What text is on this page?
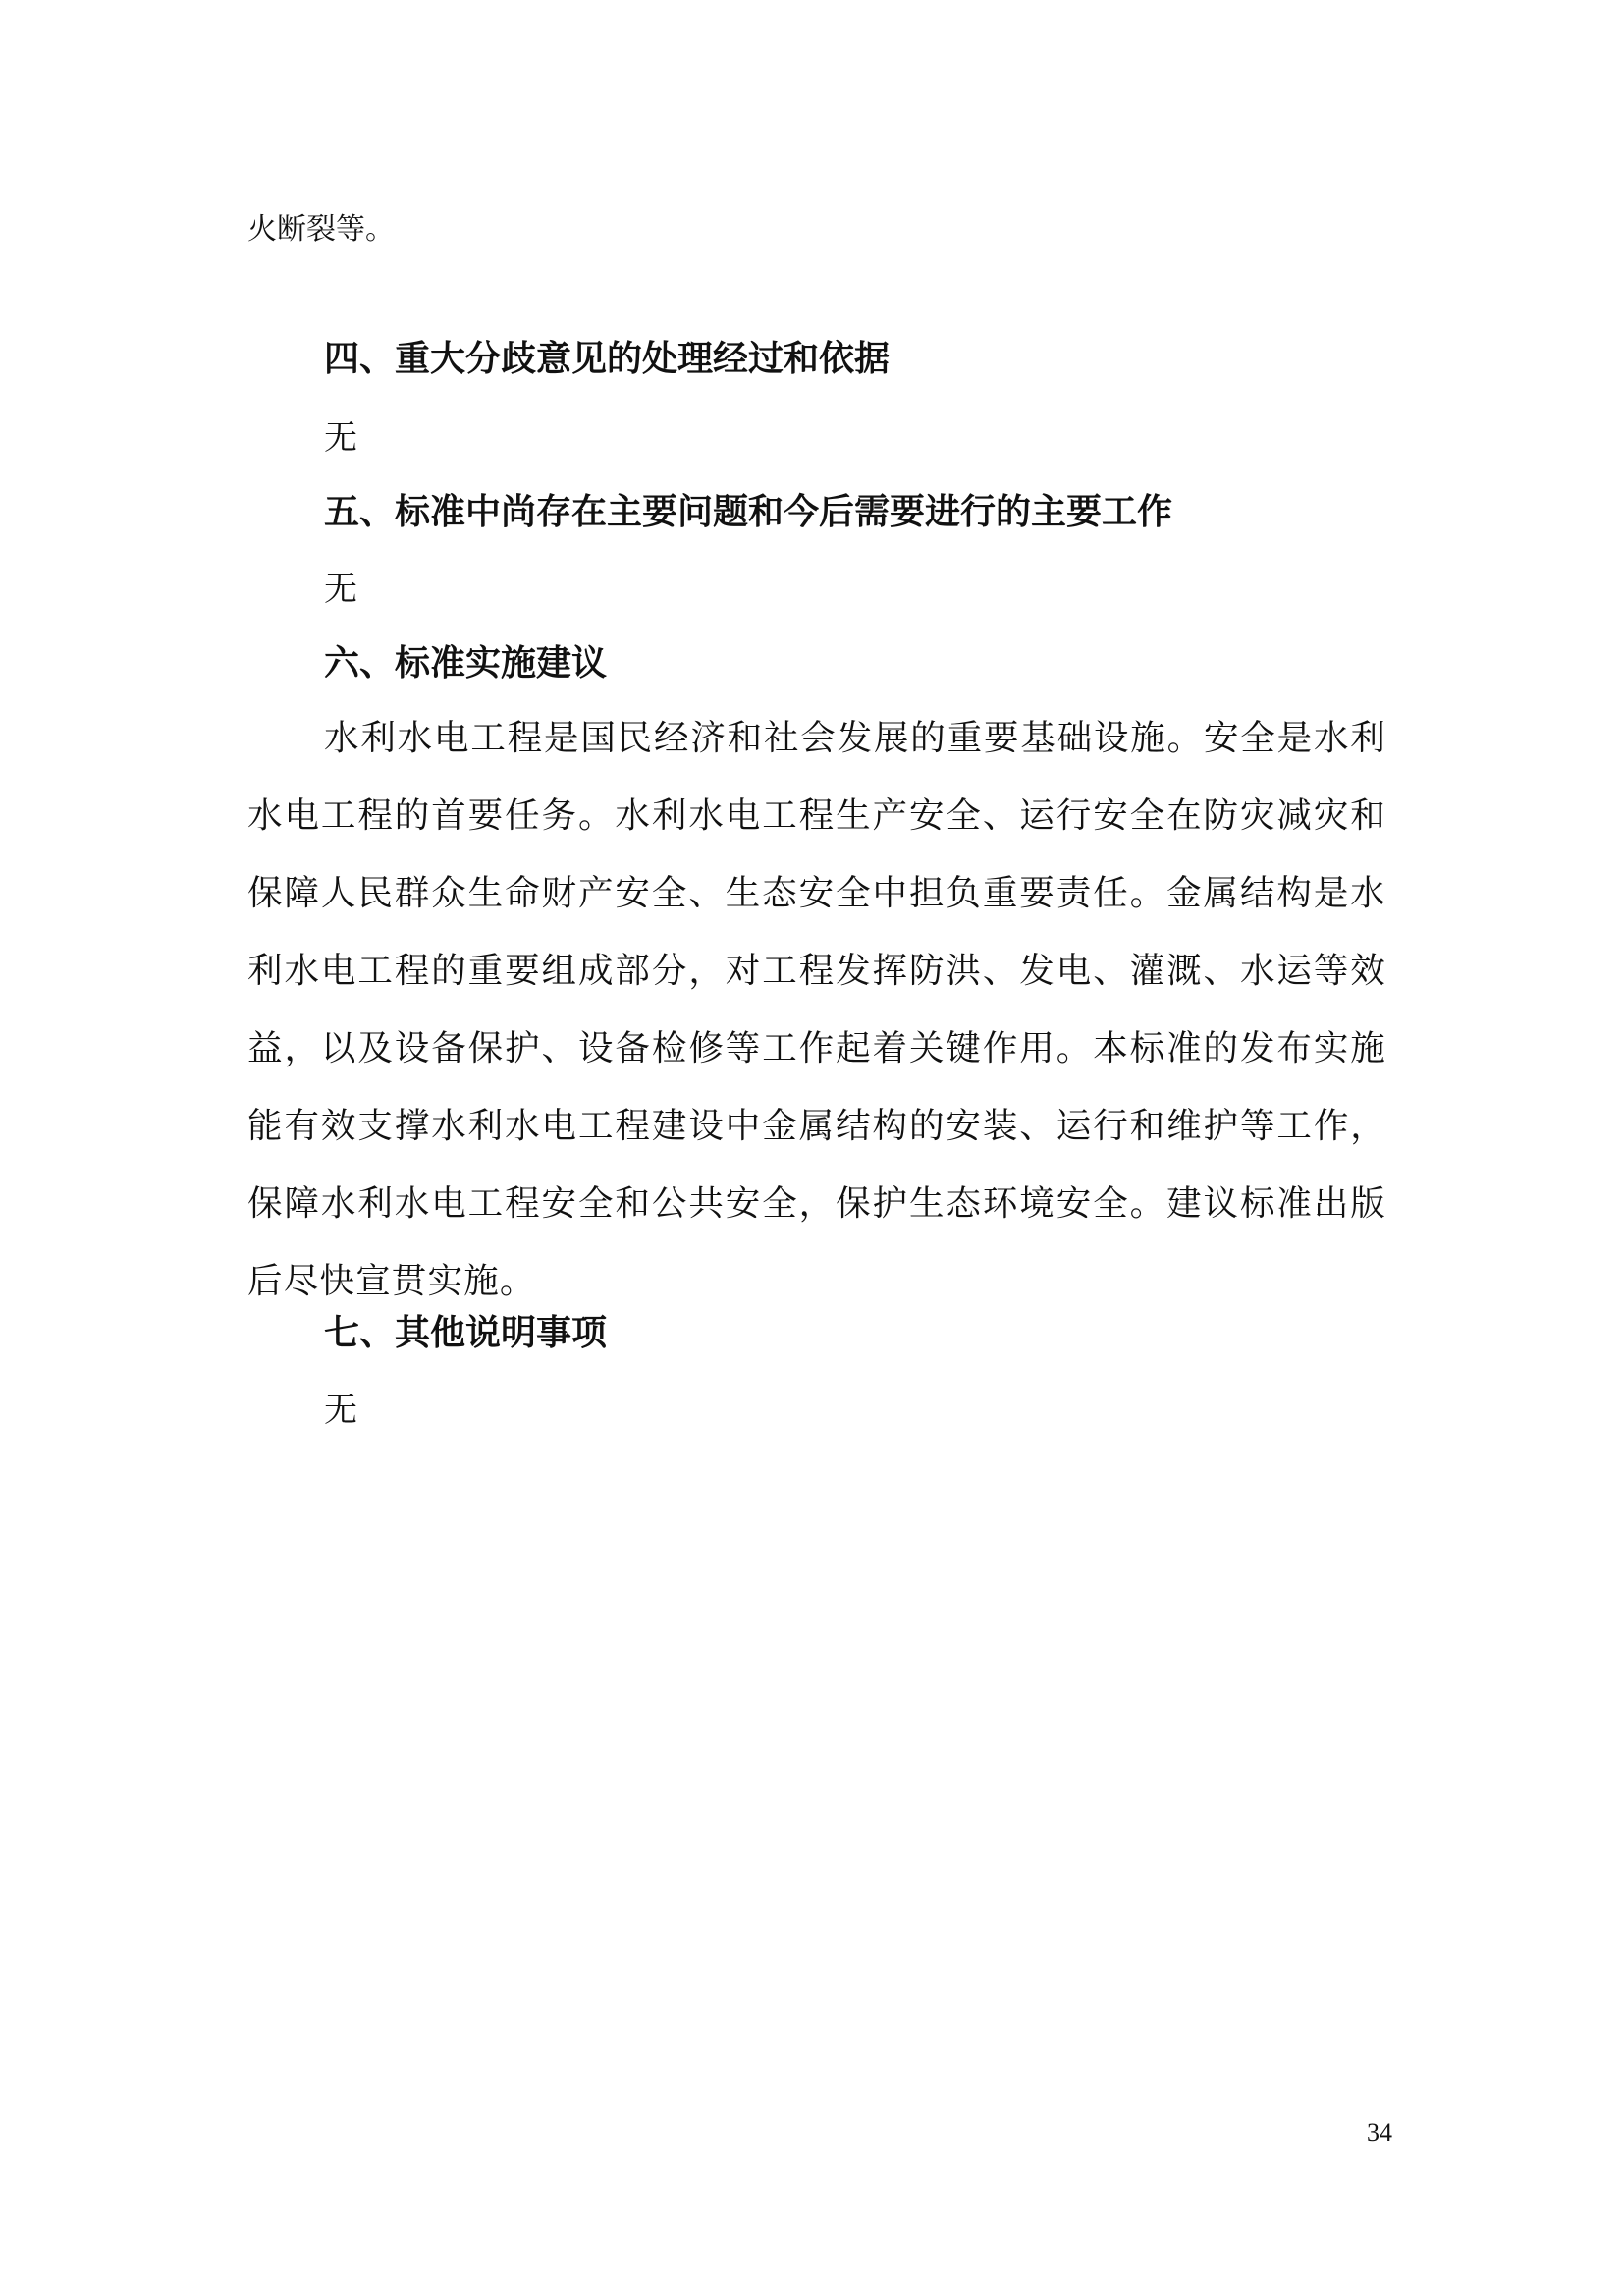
火断裂等。
四、重大分歧意见的处理经过和依据
无
五、标准中尚存在主要问题和今后需要进行的主要工作
无
六、标准实施建议
水利水电工程是国民经济和社会发展的重要基础设施。安全是水利水电工程的首要任务。水利水电工程生产安全、运行安全在防灾减灾和保障人民群众生命财产安全、生态安全中担负重要责任。金属结构是水利水电工程的重要组成部分，对工程发挥防洪、发电、灌溉、水运等效益，以及设备保护、设备检修等工作起着关键作用。本标准的发布实施能有效支撑水利水电工程建设中金属结构的安装、运行和维护等工作，保障水利水电工程安全和公共安全，保护生态环境安全。建议标准出版后尽快宣贯实施。
七、其他说明事项
无
34
